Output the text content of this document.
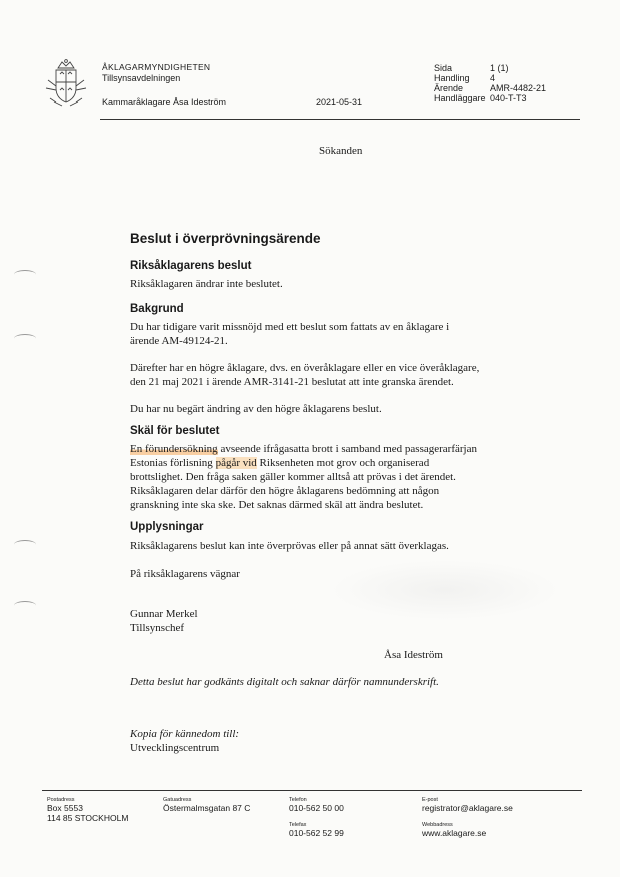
ÅKLAGARMYNDIGHETEN
Tillsynsavdelningen
Kammaråklagare Åsa Ideström	2021-05-31
Sida	1 (1)
Handling	4
Ärende	AMR-4482-21
Handläggare 040-T-T3
Sökanden
Beslut i överprövningsärende
Riksåklagarens beslut
Riksåklagaren ändrar inte beslutet.
Bakgrund
Du har tidigare varit missnöjd med ett beslut som fattats av en åklagare i
ärende AM-49124-21.
Därefter har en högre åklagare, dvs. en överåklagare eller en vice överåklagare,
den 21 maj 2021 i ärende AMR-3141-21 beslutat att inte granska ärendet.
Du har nu begärt ändring av den högre åklagarens beslut.
Skäl för beslutet
En förundersökning avseende ifrågasatta brott i samband med passagerarfärjan
Estonias förlisning pågår vid Riksenheten mot grov och organiserad
brottslighet. Den fråga saken gäller kommer alltså att prövas i det ärendet.
Riksåklagaren delar därför den högre åklagarens bedömning att någon
granskning inte ska ske. Det saknas därmed skäl att ändra beslutet.
Upplysningar
Riksåklagarens beslut kan inte överprövas eller på annat sätt överklagas.
På riksåklagarens vägnar
Gunnar Merkel
Tillsynschef
Åsa Ideström
Detta beslut har godkänts digitalt och saknar därför namnunderskrift.
Kopia för kännedom till:
Utvecklingscentrum
Postadress
Box 5553
114 85 STOCKHOLM
Gatuadress
Östermalmsgatan 87 C
Telefon
010-562 50 00
Telefax
010-562 52 99
E-post
registrator@aklagare.se
Webbadress
www.aklagare.se
